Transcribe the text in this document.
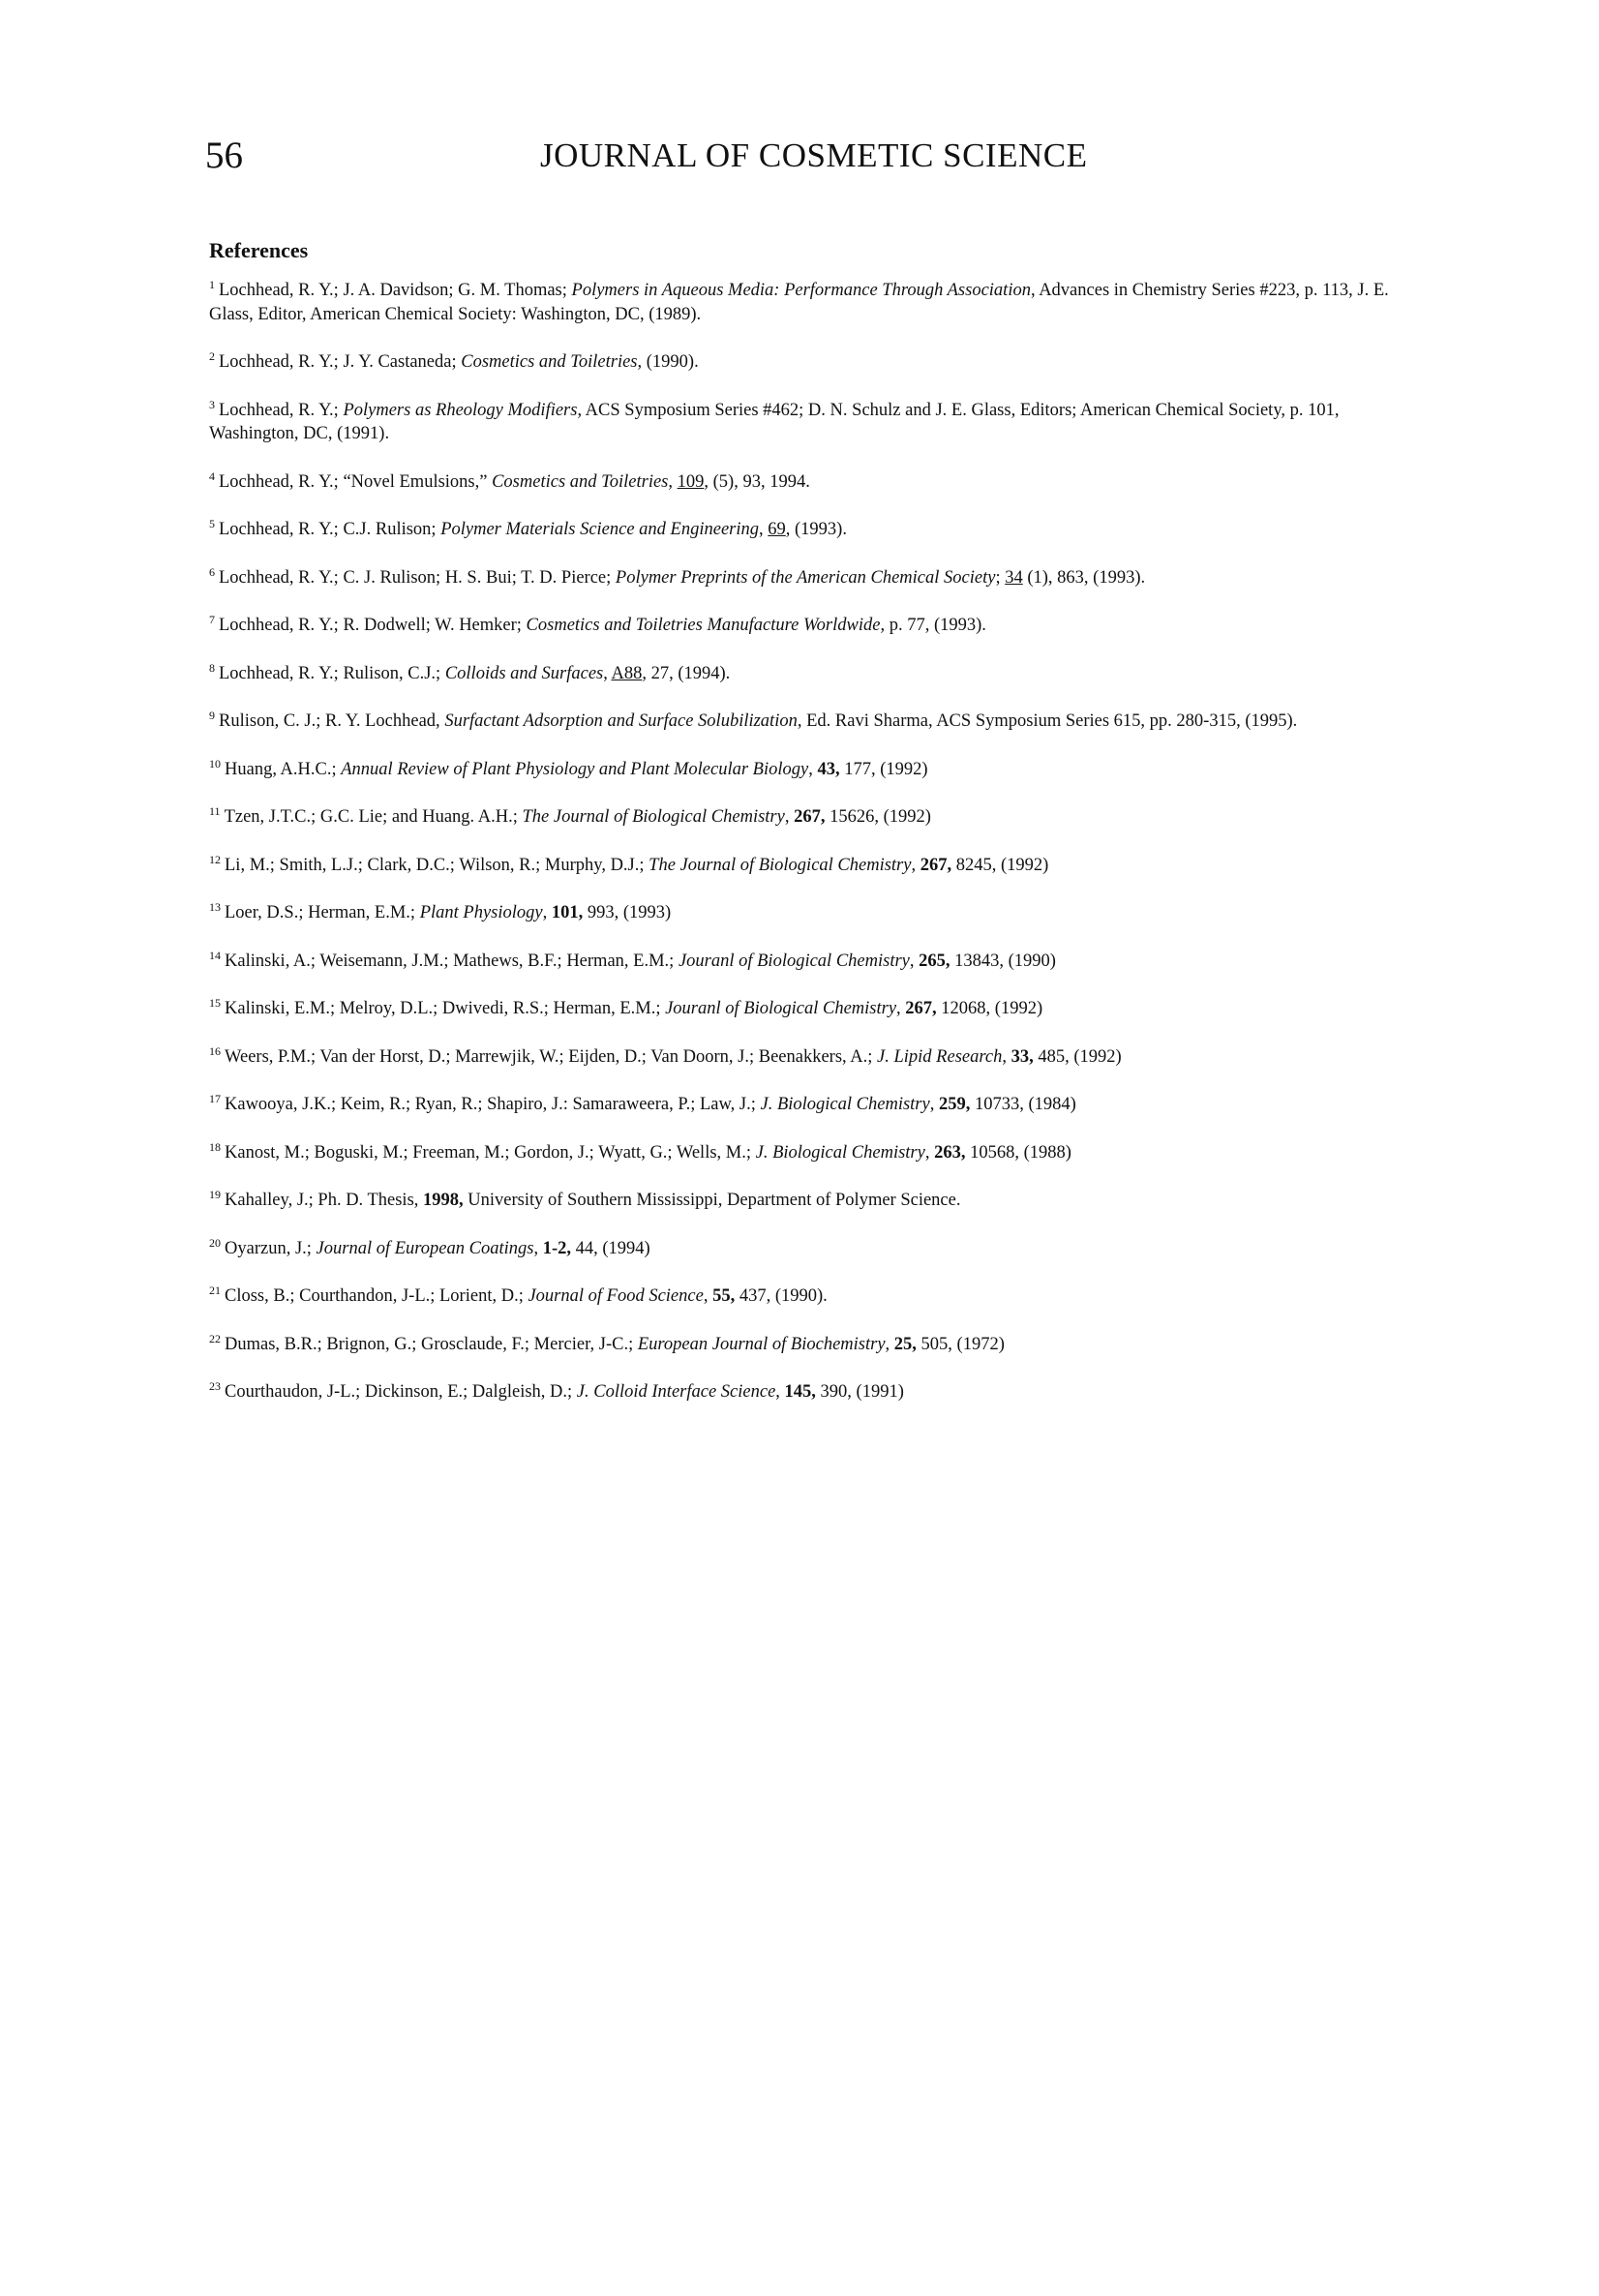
56	JOURNAL OF COSMETIC SCIENCE
References
$^1$ Lochhead, R. Y.; J. A. Davidson; G. M. Thomas; Polymers in Aqueous Media: Performance Through Association, Advances in Chemistry Series #223, p. 113, J. E. Glass, Editor, American Chemical Society: Washington, DC, (1989).
$^2$ Lochhead, R. Y.; J. Y. Castaneda; Cosmetics and Toiletries, (1990).
$^3$ Lochhead, R. Y.; Polymers as Rheology Modifiers, ACS Symposium Series #462; D. N. Schulz and J. E. Glass, Editors; American Chemical Society, p. 101, Washington, DC, (1991).
$^4$ Lochhead, R. Y.; “Novel Emulsions,” Cosmetics and Toiletries, 109, (5), 93, 1994.
$^5$ Lochhead, R. Y.; C.J. Rulison; Polymer Materials Science and Engineering, 69, (1993).
$^6$ Lochhead, R. Y.; C. J. Rulison; H. S. Bui; T. D. Pierce; Polymer Preprints of the American Chemical Society; 34 (1), 863, (1993).
$^7$ Lochhead, R. Y.; R. Dodwell; W. Hemker; Cosmetics and Toiletries Manufacture Worldwide, p. 77, (1993).
$^8$ Lochhead, R. Y.; Rulison, C.J.; Colloids and Surfaces, A88, 27, (1994).
$^9$ Rulison, C. J.; R. Y. Lochhead, Surfactant Adsorption and Surface Solubilization, Ed. Ravi Sharma, ACS Symposium Series 615, pp. 280-315, (1995).
$^{10}$ Huang, A.H.C.; Annual Review of Plant Physiology and Plant Molecular Biology, 43, 177, (1992)
$^{11}$ Tzen, J.T.C.; G.C. Lie; and Huang. A.H.; The Journal of Biological Chemistry, 267, 15626, (1992)
$^{12}$ Li, M.; Smith, L.J.; Clark, D.C.; Wilson, R.; Murphy, D.J.; The Journal of Biological Chemistry, 267, 8245, (1992)
$^{13}$ Loer, D.S.; Herman, E.M.; Plant Physiology, 101, 993, (1993)
$^{14}$ Kalinski, A.; Weisemann, J.M.; Mathews, B.F.; Herman, E.M.; Jouranl of Biological Chemistry, 265, 13843, (1990)
$^{15}$ Kalinski, E.M.; Melroy, D.L.; Dwivedi, R.S.; Herman, E.M.; Jouranl of Biological Chemistry, 267, 12068, (1992)
$^{16}$ Weers, P.M.; Van der Horst, D.; Marrewjik, W.; Eijden, D.; Van Doorn, J.; Beenakkers, A.; J. Lipid Research, 33, 485, (1992)
$^{17}$ Kawooya, J.K.; Keim, R.; Ryan, R.; Shapiro, J.: Samaraweera, P.; Law, J.; J. Biological Chemistry, 259, 10733, (1984)
$^{18}$ Kanost, M.; Boguski, M.; Freeman, M.; Gordon, J.; Wyatt, G.; Wells, M.; J. Biological Chemistry, 263, 10568, (1988)
$^{19}$ Kahalley, J.; Ph. D. Thesis, 1998, University of Southern Mississippi, Department of Polymer Science.
$^{20}$ Oyarzun, J.; Journal of European Coatings, 1-2, 44, (1994)
$^{21}$ Closs, B.; Courthandon, J-L.; Lorient, D.; Journal of Food Science, 55, 437, (1990).
$^{22}$ Dumas, B.R.; Brignon, G.; Grosclaude, F.; Mercier, J-C.; European Journal of Biochemistry, 25, 505, (1972)
$^{23}$ Courthaudon, J-L.; Dickinson, E.; Dalgleish, D.; J. Colloid Interface Science, 145, 390, (1991)
